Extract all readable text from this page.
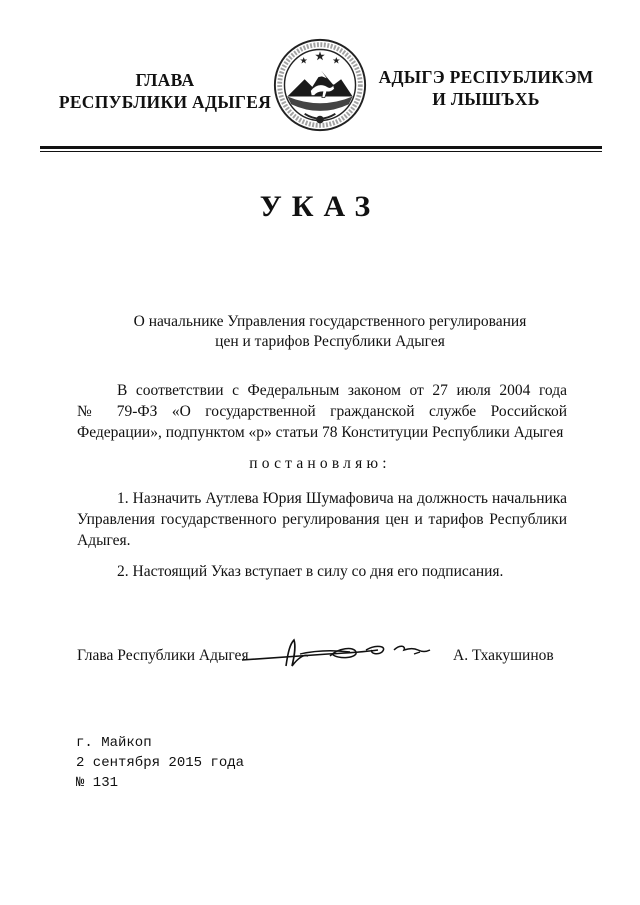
ГЛАВА
РЕСПУБЛИКИ АДЫГЕЯ
АДЫГЭ РЕСПУБЛИКЭМ
И ЛЫШЪХЬ
УКАЗ
О начальнике Управления государственного регулирования
цен и тарифов Республики Адыгея
В соответствии с Федеральным законом от 27 июля 2004 года
№ 79-ФЗ «О государственной гражданской службе Российской
Федерации», подпунктом «р» статьи 78 Конституции Республики Адыгея
постановляю:
1. Назначить Аутлева Юрия Шумафовича на должность начальника
Управления государственного регулирования цен и тарифов Республики
Адыгея.
2. Настоящий Указ вступает в силу со дня его подписания.
Глава Республики Адыгея	А. Тхакушинов
г. Майкоп
2 сентября 2015 года
№ 131
